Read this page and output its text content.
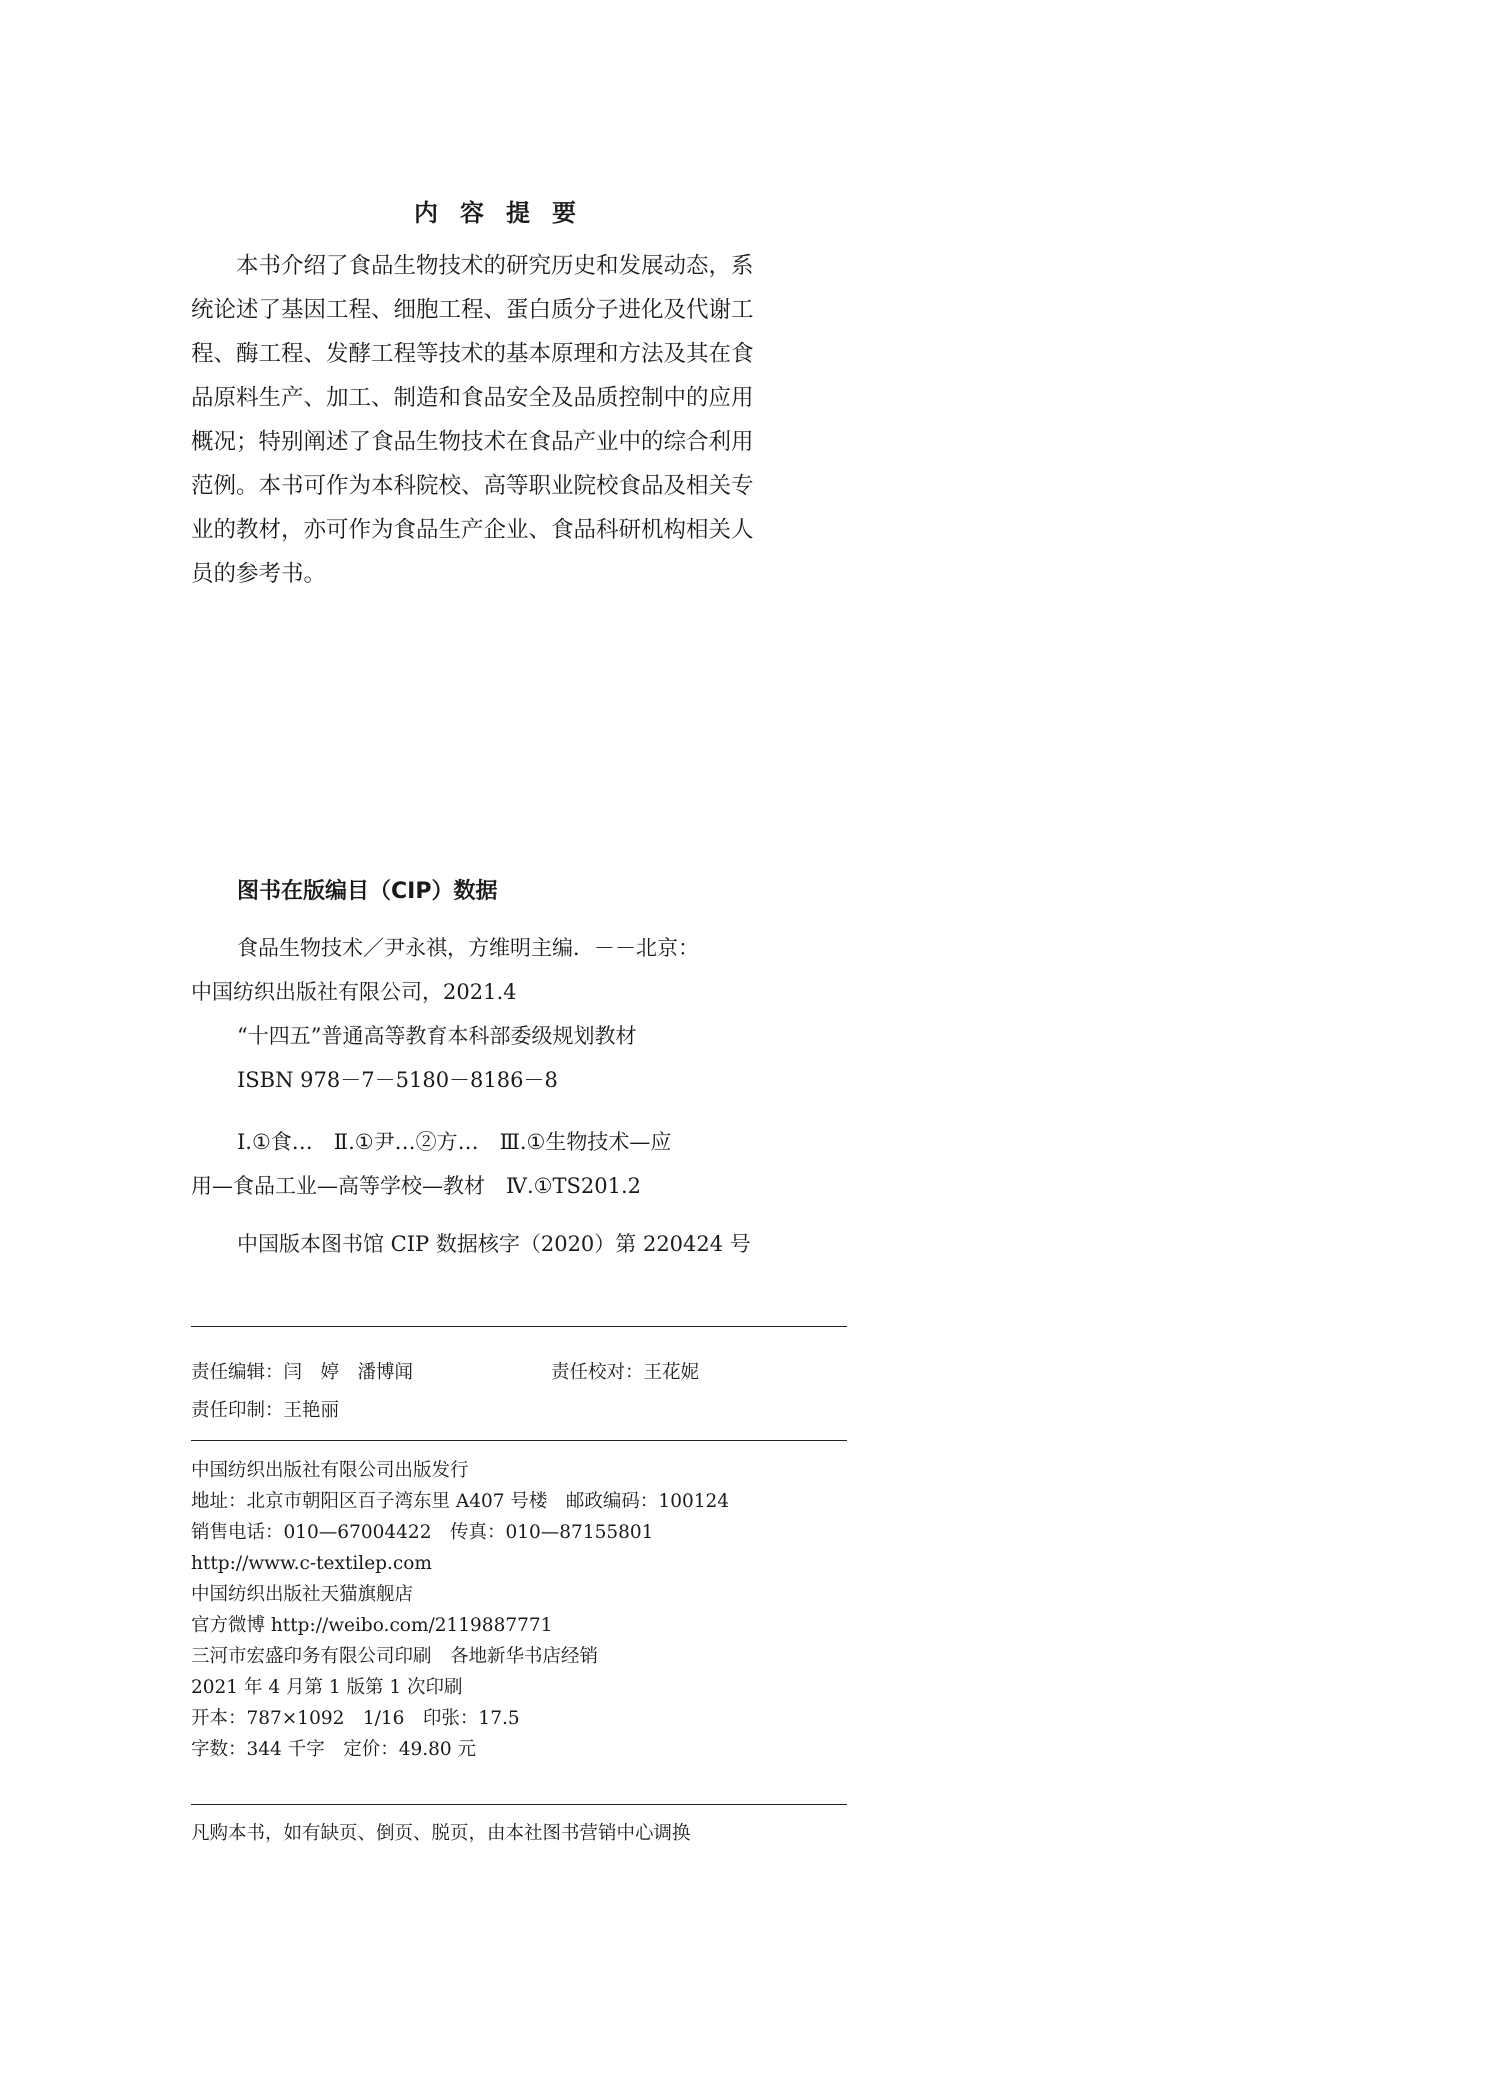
内容提要
　　本书介绍了食品生物技术的研究历史和发展动态，系
统论述了基因工程、细胞工程、蛋白质分子进化及代谢工
程、酶工程、发酵工程等技术的基本原理和方法及其在食
品原料生产、加工、制造和食品安全及品质控制中的应用
概况；特别阐述了食品生物技术在食品产业中的综合利用
范例。本书可作为本科院校、高等职业院校食品及相关专
业的教材，亦可作为食品生产企业、食品科研机构相关人
员的参考书。
图书在版编目（CIP）数据
食品生物技术／尹永祺，方维明主编．－－北京：
中国纺织出版社有限公司，2021.4
“十四五”普通高等教育本科部委级规划教材
ISBN 978－7－5180－8186－8
Ⅰ.①食…　Ⅱ.①尹…②方…　Ⅲ.①生物技术—应
用—食品工业—高等学校—教材　Ⅳ.①TS201.2
中国版本图书馆 CIP 数据核字（2020）第 220424 号
责任编辑：闫　婷　潘博闻	责任校对：王花妮
责任印制：王艳丽
中国纺织出版社有限公司出版发行
地址：北京市朝阳区百子湾东里 A407 号楼　邮政编码：100124
销售电话：010—67004422　传真：010—87155801
http://www.c-textilep.com
中国纺织出版社天猫旗舰店
官方微博 http://weibo.com/2119887771
三河市宏盛印务有限公司印刷　各地新华书店经销
2021 年 4 月第 1 版第 1 次印刷
开本：787×1092　1/16　印张：17.5
字数：344 千字　定价：49.80 元
凡购本书，如有缺页、倒页、脱页，由本社图书营销中心调换
